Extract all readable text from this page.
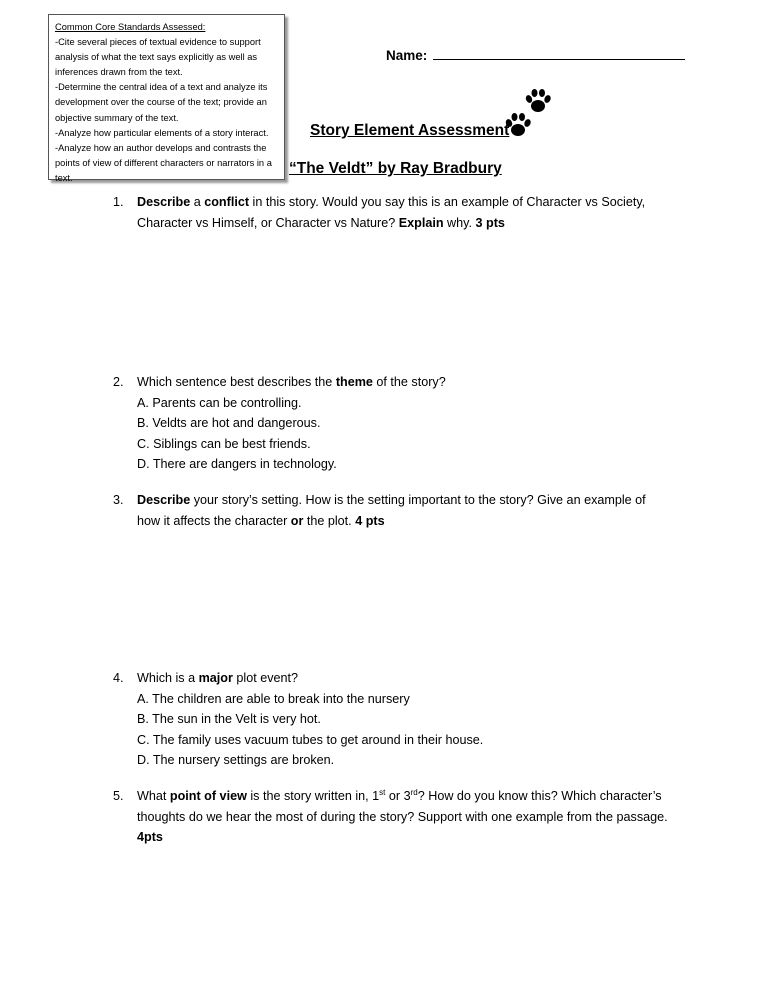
Common Core Standards Assessed:
-Cite several pieces of textual evidence to support
analysis of what the text says explicitly as well as
inferences drawn from the text.
-Determine the central idea of a text and analyze its
development over the course of the text; provide an
objective summary of the text.
-Analyze how particular elements of a story interact.
-Analyze how an author develops and contrasts the
points of view of different characters or narrators in a
text.
Name:
Story Element Assessment
“The Veldt” by Ray Bradbury
1. Describe a conflict in this story. Would you say this is an example of Character vs Society,
Character vs Himself, or Character vs Nature? Explain why. 3 pts
2. Which sentence best describes the theme of the story?
A. Parents can be controlling.
B. Veldts are hot and dangerous.
C. Siblings can be best friends.
D. There are dangers in technology.
3. Describe your story’s setting. How is the setting important to the story? Give an example of
how it affects the character or the plot. 4 pts
4. Which is a major plot event?
A. The children are able to break into the nursery
B. The sun in the Velt is very hot.
C. The family uses vacuum tubes to get around in their house.
D. The nursery settings are broken.
5. What point of view is the story written in, 1st or 3rd? How do you know this? Which character’s
thoughts do we hear the most of during the story? Support with one example from the passage.
4pts
